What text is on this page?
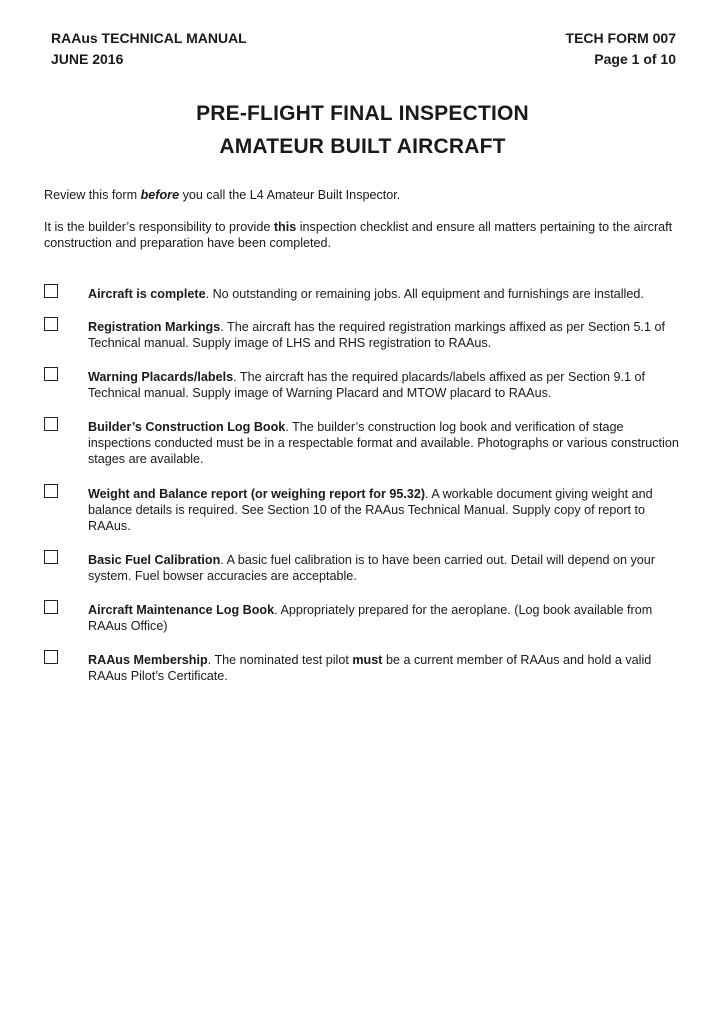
RAAus TECHNICAL MANUAL
JUNE 2016
TECH FORM 007
Page 1 of 10
PRE-FLIGHT FINAL INSPECTION
AMATEUR BUILT AIRCRAFT
Review this form before you call the L4 Amateur Built Inspector.
It is the builder’s responsibility to provide this inspection checklist and ensure all matters pertaining to the aircraft construction and preparation have been completed.
Aircraft is complete. No outstanding or remaining jobs. All equipment and furnishings are installed.
Registration Markings. The aircraft has the required registration markings affixed as per Section 5.1 of Technical manual. Supply image of LHS and RHS registration to RAAus.
Warning Placards/labels. The aircraft has the required placards/labels affixed as per Section 9.1 of Technical manual. Supply image of Warning Placard and MTOW placard to RAAus.
Builder’s Construction Log Book. The builder’s construction log book and verification of stage inspections conducted must be in a respectable format and available. Photographs or various construction stages are available.
Weight and Balance report (or weighing report for 95.32). A workable document giving weight and balance details is required. See Section 10 of the RAAus Technical Manual. Supply copy of report to RAAus.
Basic Fuel Calibration. A basic fuel calibration is to have been carried out. Detail will depend on your system. Fuel bowser accuracies are acceptable.
Aircraft Maintenance Log Book. Appropriately prepared for the aeroplane. (Log book available from RAAus Office)
RAAus Membership. The nominated test pilot must be a current member of RAAus and hold a valid RAAus Pilot’s Certificate.
